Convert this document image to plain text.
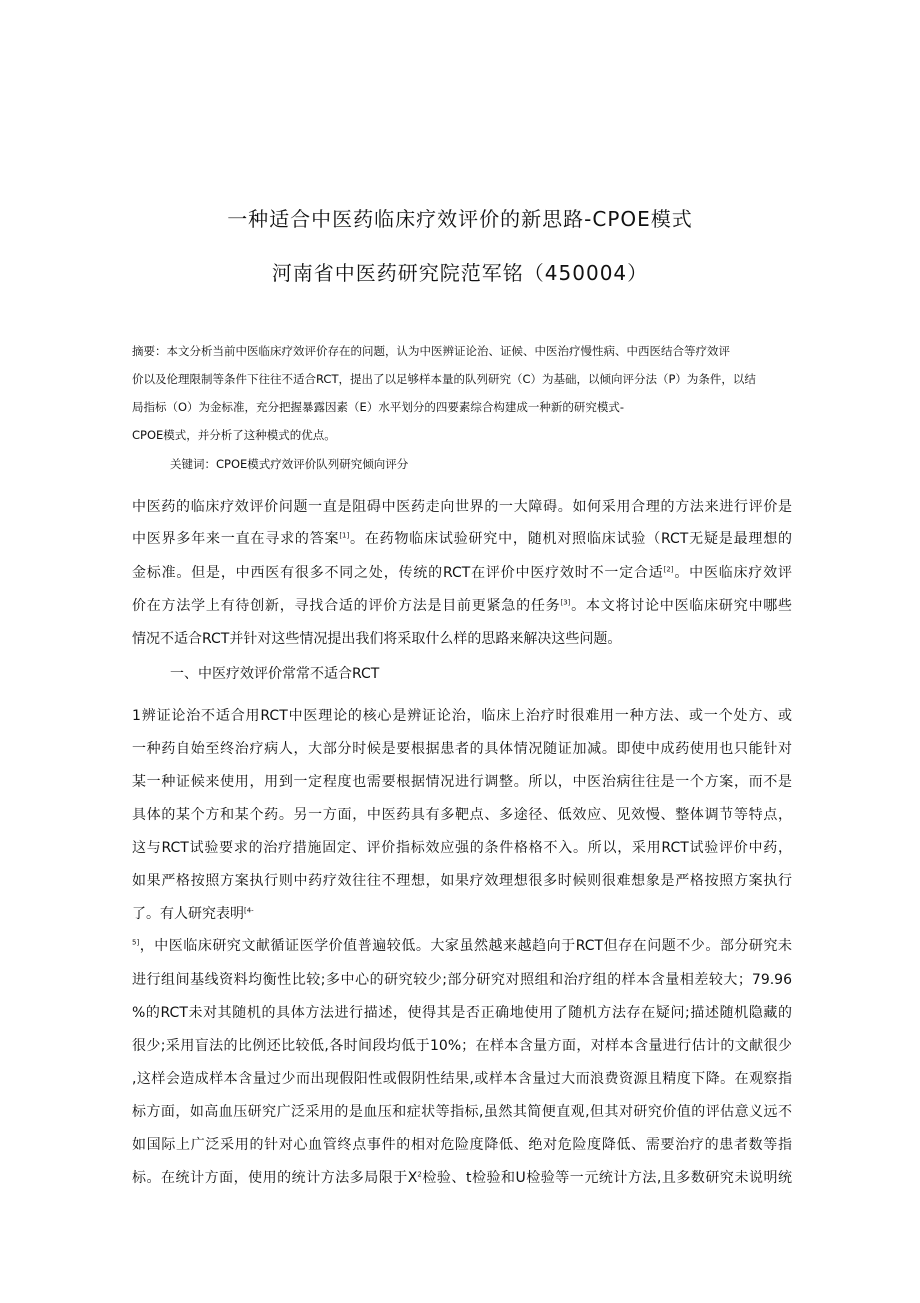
一种适合中医药临床疗效评价的新思路-CPOE模式
河南省中医药研究院范军铭（450004）
摘要：本文分析当前中医临床疗效评价存在的问题，认为中医辨证论治、证候、中医治疗慢性病、中西医结合等疗效评
价以及伦理限制等条件下往往不适合RCT，提出了以足够样本量的队列研究（C）为基础，以倾向评分法（P）为条件，以结
局指标（O）为金标准，充分把握暴露因素（E）水平划分的四要素综合构建成一种新的研究模式-
CPOE模式，并分析了这种模式的优点。
关键词：CPOE模式疗效评价队列研究倾向评分
中医药的临床疗效评价问题一直是阻碍中医药走向世界的一大障碍。如何采用合理的方法来进行评价是
中医界多年来一直在寻求的答案[1]。在药物临床试验研究中，随机对照临床试验（RCT无疑是最理想的
金标准。但是，中西医有很多不同之处，传统的RCT在评价中医疗效时不一定合适[2]。中医临床疗效评
价在方法学上有待创新，寻找合适的评价方法是目前更紧急的任务[3]。本文将讨论中医临床研究中哪些
情况不适合RCT并针对这些情况提出我们将采取什么样的思路来解决这些问题。
一、中医疗效评价常常不适合RCT
1辨证论治不适合用RCT中医理论的核心是辨证论治，临床上治疗时很难用一种方法、或一个处方、或
一种药自始至终治疗病人，大部分时候是要根据患者的具体情况随证加减。即使中成药使用也只能针对
某一种证候来使用，用到一定程度也需要根据情况进行调整。所以，中医治病往往是一个方案，而不是
具体的某个方和某个药。另一方面，中医药具有多靶点、多途径、低效应、见效慢、整体调节等特点，
这与RCT试验要求的治疗措施固定、评价指标效应强的条件格格不入。所以，采用RCT试验评价中药，
如果严格按照方案执行则中药疗效往往不理想，如果疗效理想很多时候则很难想象是严格按照方案执行
了。有人研究表明$^{[4-}$
$^{5]}$，中医临床研究文献循证医学价值普遍较低。大家虽然越来越趋向于RCT但存在问题不少。部分研究未
进行组间基线资料均衡性比较;多中心的研究较少;部分研究对照组和治疗组的样本含量相差较大；79.96
%的RCT未对其随机的具体方法进行描述，使得其是否正确地使用了随机方法存在疑问;描述随机隐藏的
很少;采用盲法的比例还比较低,各时间段均低于10%；在样本含量方面，对样本含量进行估计的文献很少
,这样会造成样本含量过少而出现假阳性或假阴性结果,或样本含量过大而浪费资源且精度下降。在观察指
标方面，如高血压研究广泛采用的是血压和症状等指标,虽然其简便直观,但其对研究价值的评估意义远不
如国际上广泛采用的针对心血管终点事件的相对危险度降低、绝对危险度降低、需要治疗的患者数等指
标。在统计方面，使用的统计方法多局限于$X^2$检验、t检验和U检验等一元统计方法,且多数研究未说明统
